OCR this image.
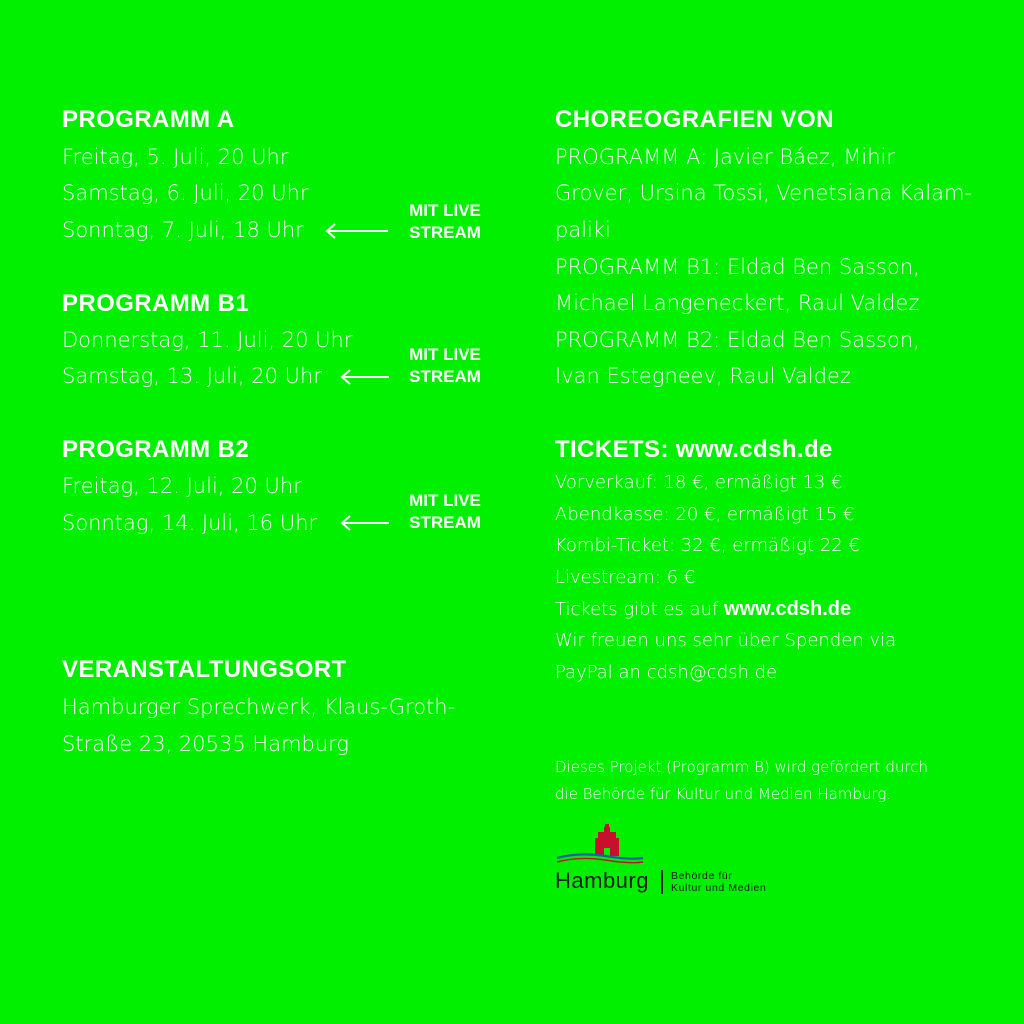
PROGRAMM A
Freitag, 5. Juli, 20 Uhr
Samstag, 6. Juli, 20 Uhr
Sonntag, 7. Juli, 18 Uhr
MIT LIVE
STREAM
PROGRAMM B1
Donnerstag, 11. Juli, 20 Uhr
Samstag, 13. Juli, 20 Uhr
MIT LIVE
STREAM
PROGRAMM B2
Freitag, 12. Juli, 20 Uhr
Sonntag, 14. Juli, 16 Uhr
MIT LIVE
STREAM
VERANSTALTUNGSORT
Hamburger Sprechwerk, Klaus-Groth-
Straße 23, 20535 Hamburg
CHOREOGRAFIEN VON
PROGRAMM A: Javier Báez, Mihir
Grover, Ursina Tossi, Venetsiana Kalam-
paliki
PROGRAMM B1: Eldad Ben Sasson,
Michael Langeneckert, Raul Valdez
PROGRAMM B2: Eldad Ben Sasson,
Ivan Estegneev, Raul Valdez
TICKETS: www.cdsh.de
Vorverkauf: 18 €, ermäßigt 13 €
Abendkasse: 20 €, ermäßigt 15 €
Kombi-Ticket: 32 €, ermäßigt 22 €
Livestream: 6 €
Tickets gibt es auf www.cdsh.de
Wir freuen uns sehr über Spenden via
PayPal an cdsh@cdsh.de
Dieses Projekt (Programm B) wird gefördert durch
die Behörde für Kultur und Medien Hamburg.
Hamburg Behörde für
Kultur und Medien
